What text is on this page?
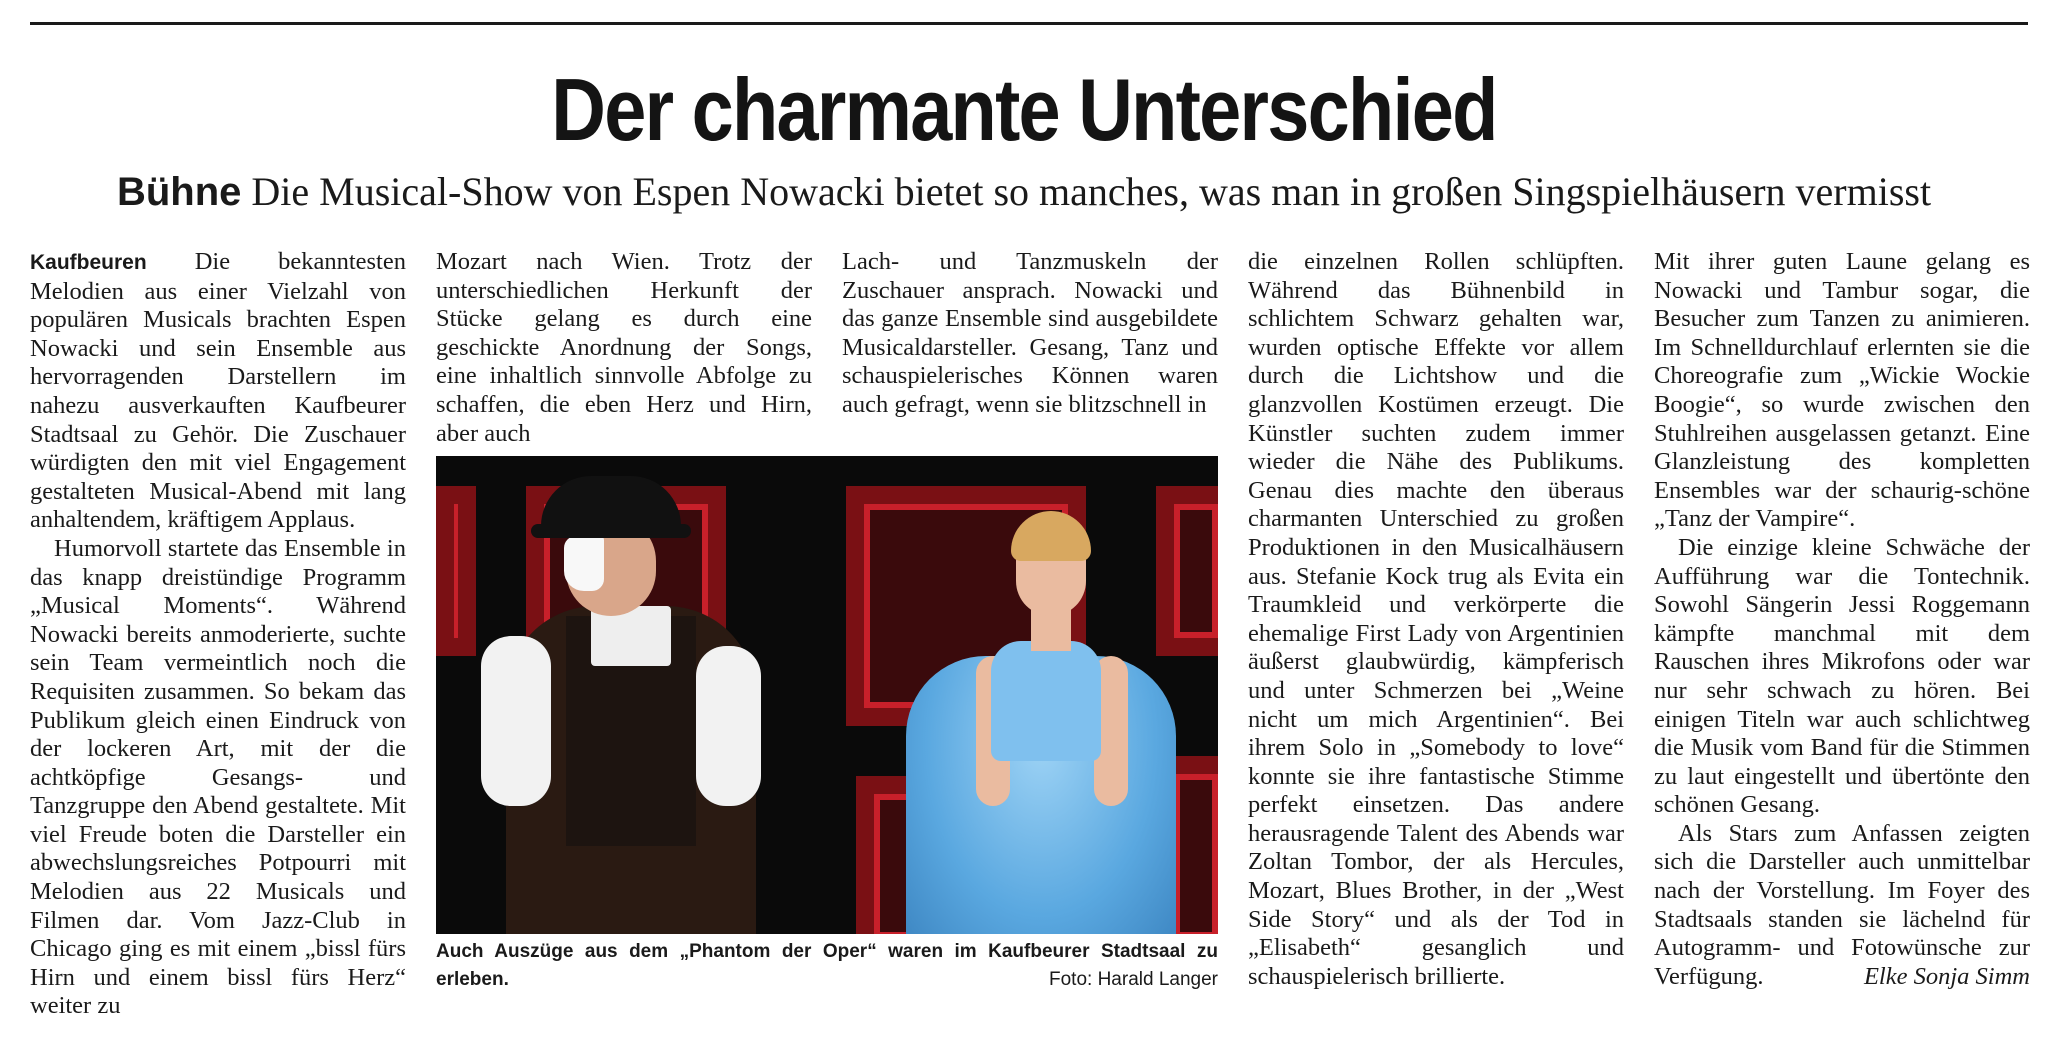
Der charmante Unterschied
Bühne Die Musical-Show von Espen Nowacki bietet so manches, was man in großen Singspielhäusern vermisst

Kaufbeuren Die bekanntesten Melodien aus einer Vielzahl von populären Musicals brachten Espen Nowacki und sein Ensemble aus hervorragenden Darstellern im nahezu ausverkauften Kaufbeurer Stadtsaal zu Gehör. Die Zuschauer würdigten den mit viel Engagement gestalteten Musical-Abend mit lang anhaltendem, kräftigem Applaus.

Humorvoll startete das Ensemble in das knapp dreistündige Programm „Musical Moments“. Während Nowacki bereits anmoderierte, suchte sein Team vermeintlich noch die Requisiten zusammen. So bekam das Publikum gleich einen Eindruck von der lockeren Art, mit der die achtköpfige Gesangs- und Tanzgruppe den Abend gestaltete. Mit viel Freude boten die Darsteller ein abwechslungsreiches Potpourri mit Melodien aus 22 Musicals und Filmen dar. Vom Jazz-Club in Chicago ging es mit einem „bissl fürs Hirn und einem bissl fürs Herz“ weiter zu

Mozart nach Wien. Trotz der unterschiedlichen Herkunft der Stücke gelang es durch eine geschickte Anordnung der Songs, eine inhaltlich sinnvolle Abfolge zu schaffen, die eben Herz und Hirn, aber auch

Lach- und Tanzmuskeln der Zuschauer ansprach. Nowacki und das ganze Ensemble sind ausgebildete Musicaldarsteller. Gesang, Tanz und schauspielerisches Können waren auch gefragt, wenn sie blitzschnell in

die einzelnen Rollen schlüpften. Während das Bühnenbild in schlichtem Schwarz gehalten war, wurden optische Effekte vor allem durch die Lichtshow und die glanzvollen Kostümen erzeugt. Die Künstler suchten zudem immer wieder die Nähe des Publikums. Genau dies machte den überaus charmanten Unterschied zu großen Produktionen in den Musicalhäusern aus. Stefanie Kock trug als Evita ein Traumkleid und verkörperte die ehemalige First Lady von Argentinien äußerst glaubwürdig, kämpferisch und unter Schmerzen bei „Weine nicht um mich Argentinien“. Bei ihrem Solo in „Somebody to love“ konnte sie ihre fantastische Stimme perfekt einsetzen. Das andere herausragende Talent des Abends war Zoltan Tombor, der als Hercules, Mozart, Blues Brother, in der „West Side Story“ und als der Tod in „Elisabeth“ gesanglich und schauspielerisch brillierte.

Mit ihrer guten Laune gelang es Nowacki und Tambur sogar, die Besucher zum Tanzen zu animieren. Im Schnelldurchlauf erlernten sie die Choreografie zum „Wickie Wockie Boogie“, so wurde zwischen den Stuhlreihen ausgelassen getanzt. Eine Glanzleistung des kompletten Ensembles war der schaurig-schöne „Tanz der Vampire“.

Die einzige kleine Schwäche der Aufführung war die Tontechnik. Sowohl Sängerin Jessi Roggemann kämpfte manchmal mit dem Rauschen ihres Mikrofons oder war nur sehr schwach zu hören. Bei einigen Titeln war auch schlichtweg die Musik vom Band für die Stimmen zu laut eingestellt und übertönte den schönen Gesang.

Als Stars zum Anfassen zeigten sich die Darsteller auch unmittelbar nach der Vorstellung. Im Foyer des Stadtsaals standen sie lächelnd für Autogramm- und Fotowünsche zur Verfügung.	Elke Sonja Simm

Auch Auszüge aus dem „Phantom der Oper“ waren im Kaufbeurer Stadtsaal zu erleben.	Foto: Harald Langer
